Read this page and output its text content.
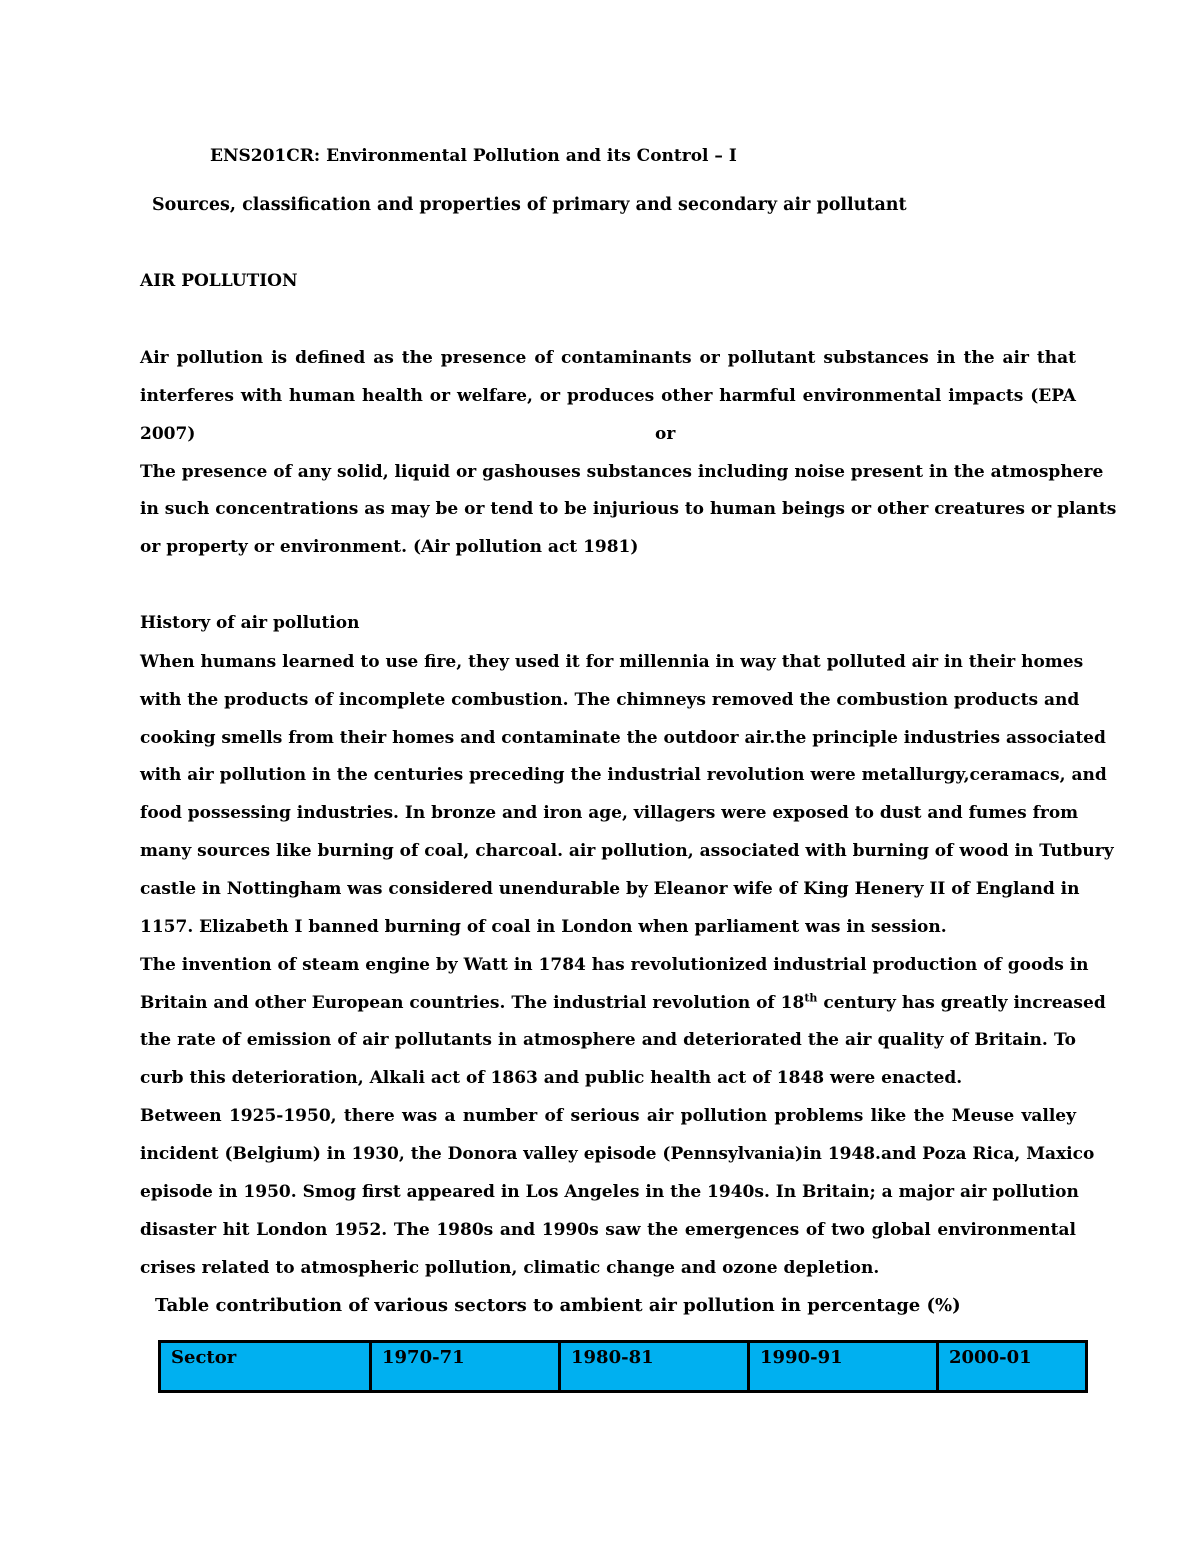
ENS201CR: Environmental Pollution and its Control – I
Sources, classification and properties of primary and secondary air pollutant
AIR POLLUTION
Air pollution is defined as the presence of contaminants or pollutant substances in the air that
interferes with human health or welfare, or produces other harmful environmental impacts (EPA
2007)	or
The presence of any solid, liquid or gashouses substances including noise present in the atmosphere
in such concentrations as may be or tend to be injurious to human beings or other creatures or plants
or property or environment. (Air pollution act 1981)
History of air pollution
When humans learned to use fire, they used it for millennia in way that polluted air in their homes
with the products of incomplete combustion. The chimneys removed the combustion products and
cooking smells from their homes and contaminate the outdoor air.the principle industries associated
with air pollution in the centuries preceding the industrial revolution were metallurgy,ceramacs, and
food possessing industries. In bronze and iron age, villagers were exposed to dust and fumes from
many sources like burning of coal, charcoal. air pollution, associated with burning of wood in Tutbury
castle in Nottingham was considered unendurable by Eleanor wife of King Henery II of England in
1157. Elizabeth I banned burning of coal in London when parliament was in session.
The invention of steam engine by Watt in 1784 has revolutionized industrial production of goods in
Britain and other European countries. The industrial revolution of 18th century has greatly increased
the rate of emission of air pollutants in atmosphere and deteriorated the air quality of Britain. To
curb this deterioration, Alkali act of 1863 and public health act of 1848 were enacted.
Between 1925-1950, there was a number of serious air pollution problems like the Meuse valley
incident (Belgium) in 1930, the Donora valley episode (Pennsylvania)in 1948.and Poza Rica, Maxico
episode in 1950. Smog first appeared in Los Angeles in the 1940s. In Britain; a major air pollution
disaster hit London 1952. The 1980s and 1990s saw the emergences of two global environmental
crises related to atmospheric pollution, climatic change and ozone depletion.
Table contribution of various sectors to ambient air pollution in percentage (%)
Sector	1970-71	1980-81	1990-91	2000-01
